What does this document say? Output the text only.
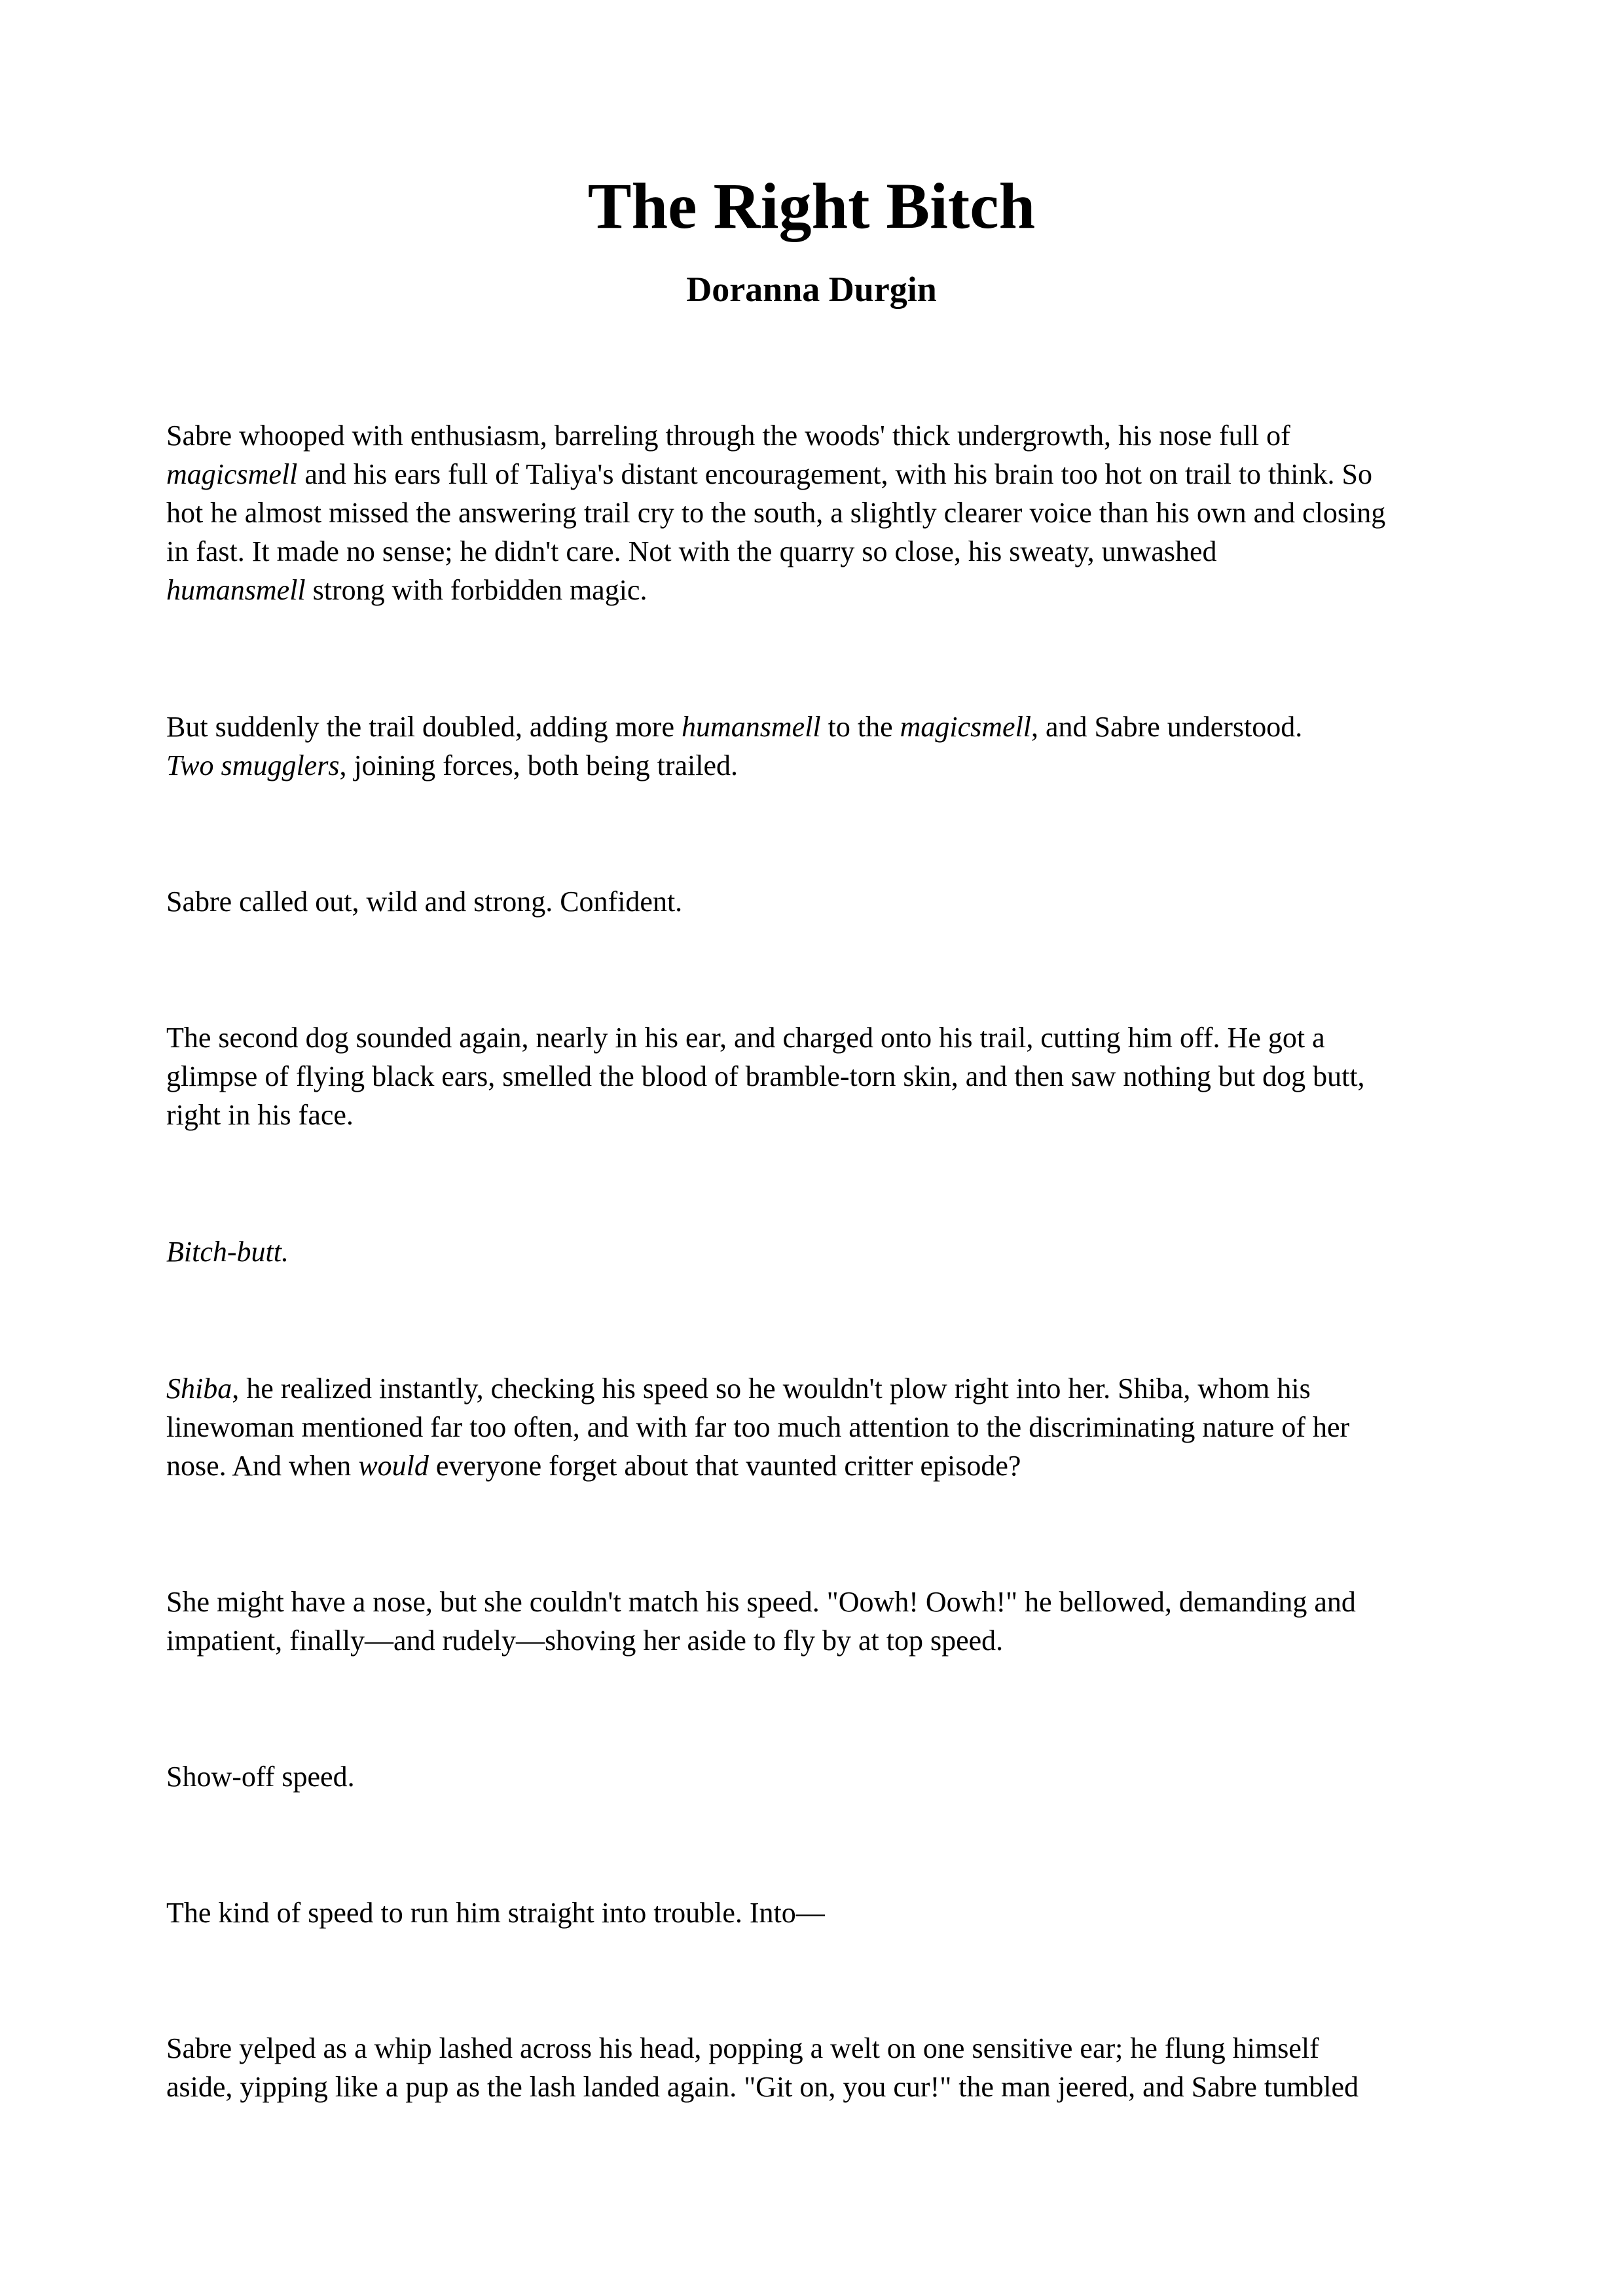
The Right Bitch
Doranna Durgin

Sabre whooped with enthusiasm, barreling through the woods' thick undergrowth, his nose full of
magicsmell and his ears full of Taliya's distant encouragement, with his brain too hot on trail to think. So
hot he almost missed the answering trail cry to the south, a slightly clearer voice than his own and closing
in fast. It made no sense; he didn't care. Not with the quarry so close, his sweaty, unwashed
humansmell strong with forbidden magic.

But suddenly the trail doubled, adding more humansmell to the magicsmell, and Sabre understood.
Two smugglers, joining forces, both being trailed.

Sabre called out, wild and strong. Confident.

The second dog sounded again, nearly in his ear, and charged onto his trail, cutting him off. He got a
glimpse of flying black ears, smelled the blood of bramble-torn skin, and then saw nothing but dog butt,
right in his face.

Bitch-butt.

Shiba, he realized instantly, checking his speed so he wouldn't plow right into her. Shiba, whom his
linewoman mentioned far too often, and with far too much attention to the discriminating nature of her
nose. And when would everyone forget about that vaunted critter episode?

She might have a nose, but she couldn't match his speed. "Oowh! Oowh!" he bellowed, demanding and
impatient, finally—and rudely—shoving her aside to fly by at top speed.

Show-off speed.

The kind of speed to run him straight into trouble. Into—

Sabre yelped as a whip lashed across his head, popping a welt on one sensitive ear; he flung himself
aside, yipping like a pup as the lash landed again. "Git on, you cur!" the man jeered, and Sabre tumbled
